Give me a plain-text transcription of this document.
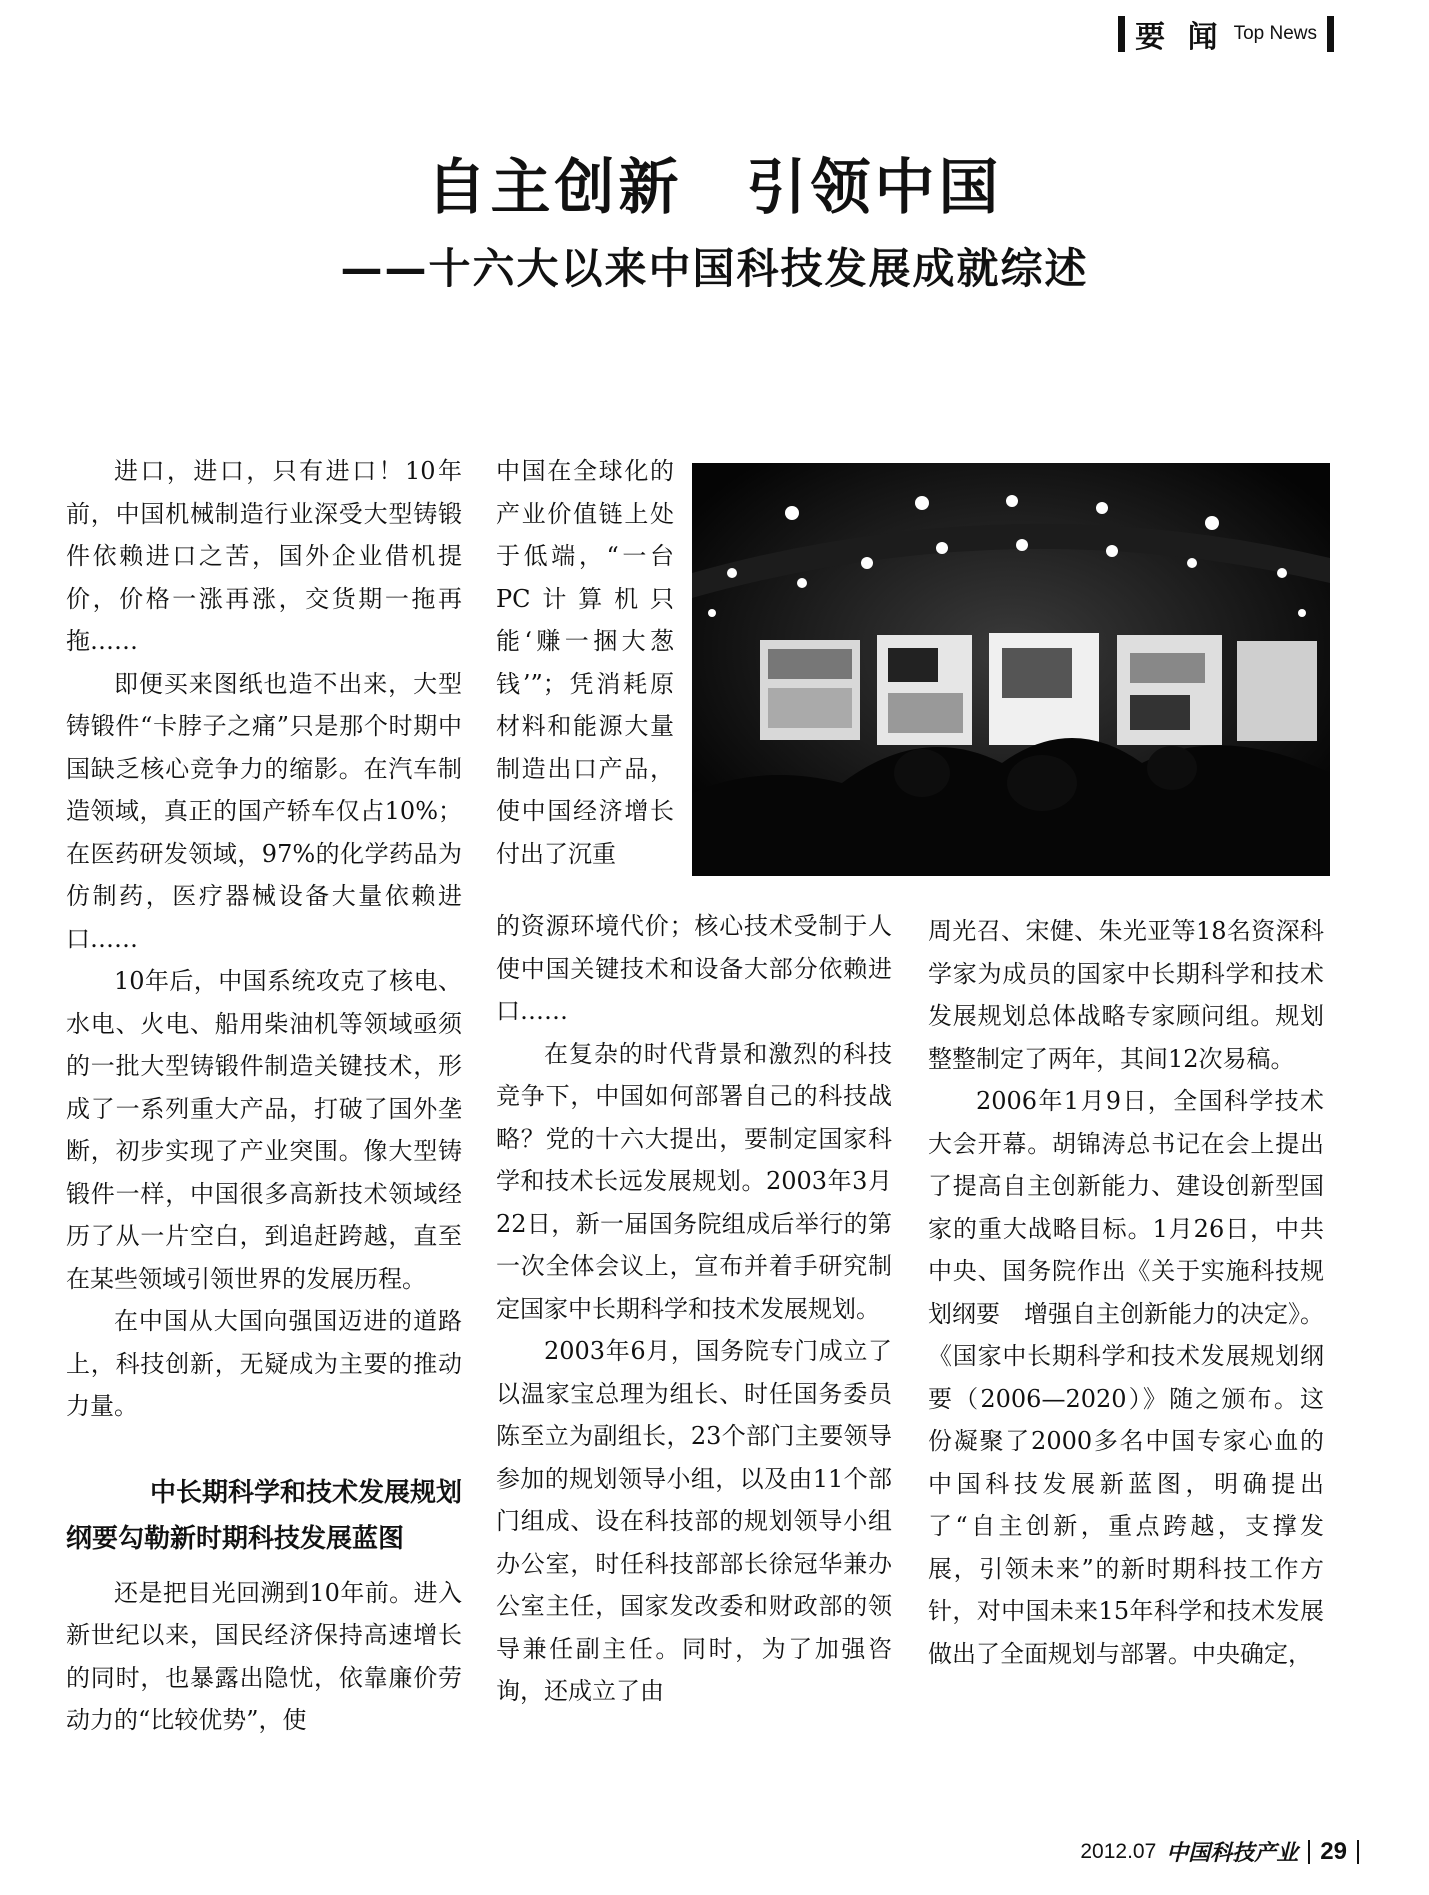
要 闻 Top News
自主创新　引领中国
——十六大以来中国科技发展成就综述

进口，进口，只有进口！10年前，中国机械制造行业深受大型铸锻件依赖进口之苦，国外企业借机提价，价格一涨再涨，交货期一拖再拖……

即便买来图纸也造不出来，大型铸锻件“卡脖子之痛”只是那个时期中国缺乏核心竞争力的缩影。在汽车制造领域，真正的国产轿车仅占10%；在医药研发领域，97%的化学药品为仿制药，医疗器械设备大量依赖进口……

10年后，中国系统攻克了核电、水电、火电、船用柴油机等领域亟须的一批大型铸锻件制造关键技术，形成了一系列重大产品，打破了国外垄断，初步实现了产业突围。像大型铸锻件一样，中国很多高新技术领域经历了从一片空白，到追赶跨越，直至在某些领域引领世界的发展历程。

在中国从大国向强国迈进的道路上，科技创新，无疑成为主要的推动力量。

中长期科学和技术发展规划
纲要勾勒新时期科技发展蓝图

还是把目光回溯到10年前。进入新世纪以来，国民经济保持高速增长的同时，也暴露出隐忧，依靠廉价劳动力的“比较优势”，使

中国在全球化的产业价值链上处于低端，“一台PC计算机只能‘赚一捆大葱钱’”；凭消耗原材料和能源大量制造出口产品，使中国经济增长付出了沉重

的资源环境代价；核心技术受制于人使中国关键技术和设备大部分依赖进口……

在复杂的时代背景和激烈的科技竞争下，中国如何部署自己的科技战略？党的十六大提出，要制定国家科学和技术长远发展规划。2003年3月22日，新一届国务院组成后举行的第一次全体会议上，宣布并着手研究制定国家中长期科学和技术发展规划。

2003年6月，国务院专门成立了以温家宝总理为组长、时任国务委员陈至立为副组长，23个部门主要领导参加的规划领导小组，以及由11个部门组成、设在科技部的规划领导小组办公室，时任科技部部长徐冠华兼办公室主任，国家发改委和财政部的领导兼任副主任。同时，为了加强咨询，还成立了由

周光召、宋健、朱光亚等18名资深科学家为成员的国家中长期科学和技术发展规划总体战略专家顾问组。规划整整制定了两年，其间12次易稿。

2006年1月9日，全国科学技术大会开幕。胡锦涛总书记在会上提出了提高自主创新能力、建设创新型国家的重大战略目标。1月26日，中共中央、国务院作出《关于实施科技规划纲要　增强自主创新能力的决定》。《国家中长期科学和技术发展规划纲要（2006—2020）》随之颁布。这份凝聚了2000多名中国专家心血的中国科技发展新蓝图，明确提出了“自主创新，重点跨越，支撑发展，引领未来”的新时期科技工作方针，对中国未来15年科学和技术发展做出了全面规划与部署。中央确定，

2012.07 中国科技产业 29
